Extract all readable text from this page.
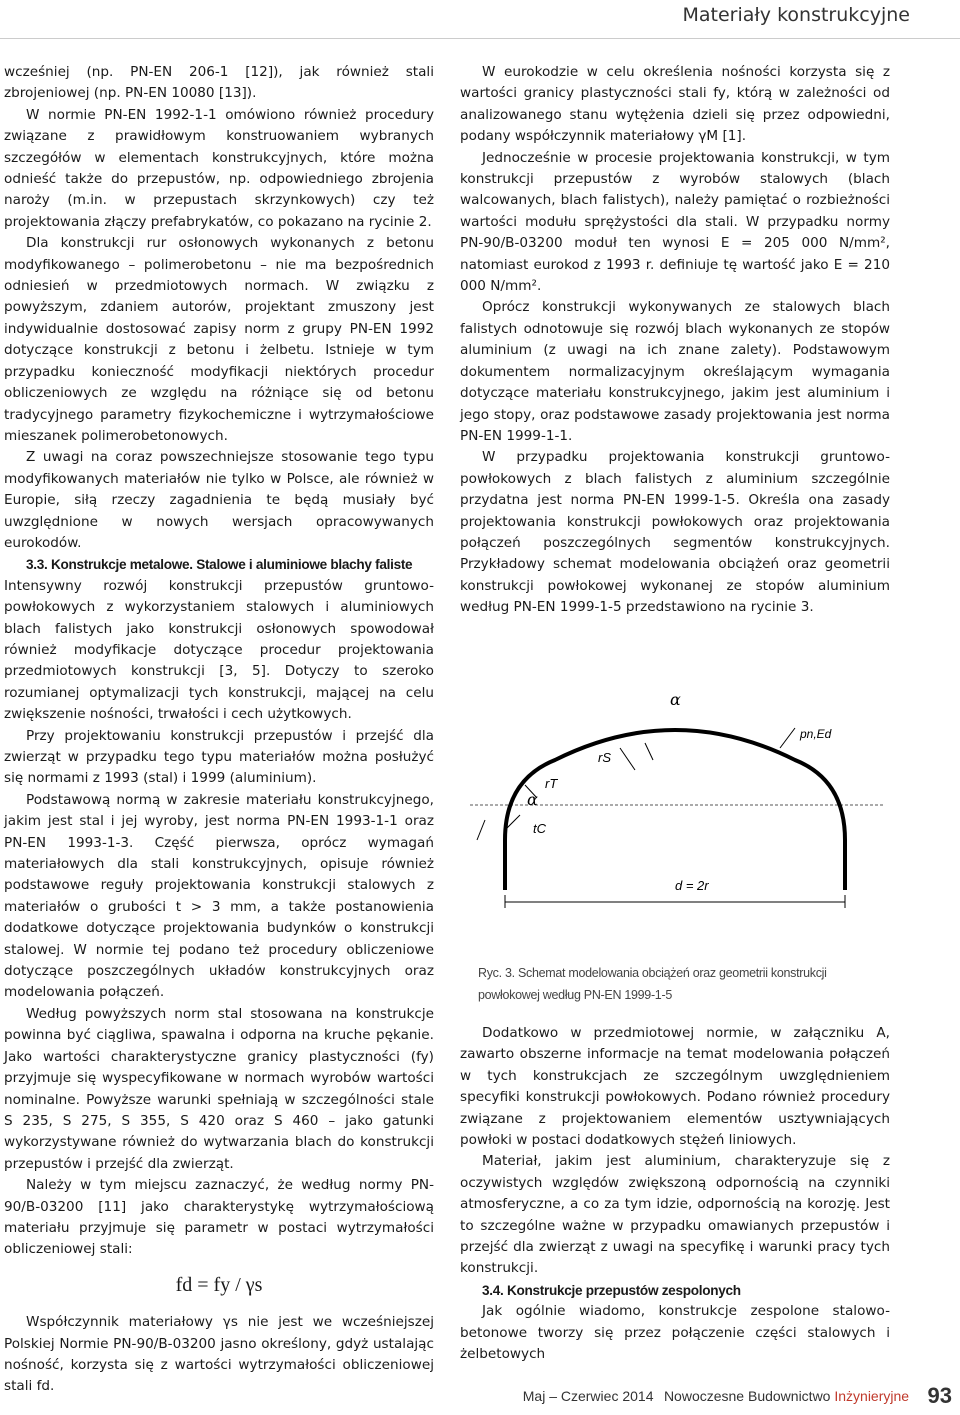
Materiały konstrukcyjne

wcześniej (np. PN-EN 206-1 [12]), jak również stali zbrojeniowej (np. PN-EN 10080 [13]).

W normie PN-EN 1992-1-1 omówiono również procedury związane z prawidłowym konstruowaniem wybranych szczegółów w elementach konstrukcyjnych, które można odnieść także do przepustów, np. odpowiedniego zbrojenia naroży (m.in. w przepustach skrzynkowych) czy też projektowania złączy prefabrykatów, co pokazano na rycinie 2.

Dla konstrukcji rur osłonowych wykonanych z betonu modyfikowanego – polimerobetonu – nie ma bezpośrednich odniesień w przedmiotowych normach. W związku z powyższym, zdaniem autorów, projektant zmuszony jest indywidualnie dostosować zapisy norm z grupy PN-EN 1992 dotyczące konstrukcji z betonu i żelbetu. Istnieje w tym przypadku konieczność modyfikacji niektórych procedur obliczeniowych ze względu na różniące się od betonu tradycyjnego parametry fizykochemiczne i wytrzymałościowe mieszanek polimerobetonowych.

Z uwagi na coraz powszechniejsze stosowanie tego typu modyfikowanych materiałów nie tylko w Polsce, ale również w Europie, siłą rzeczy zagadnienia te będą musiały być uwzględnione w nowych wersjach opracowywanych eurokodów.

3.3. Konstrukcje metalowe. Stalowe i aluminiowe blachy faliste

Intensywny rozwój konstrukcji przepustów gruntowo-powłokowych z wykorzystaniem stalowych i aluminiowych blach falistych jako konstrukcji osłonowych spowodował również modyfikacje dotyczące procedur projektowania przedmiotowych konstrukcji [3, 5]. Dotyczy to szeroko rozumianej optymalizacji tych konstrukcji, mającej na celu zwiększenie nośności, trwałości i cech użytkowych.

Przy projektowaniu konstrukcji przepustów i przejść dla zwierząt w przypadku tego typu materiałów można posłużyć się normami z 1993 (stal) i 1999 (aluminium).

Podstawową normą w zakresie materiału konstrukcyjnego, jakim jest stal i jej wyroby, jest norma PN-EN 1993-1-1 oraz PN-EN 1993-1-3. Część pierwsza, oprócz wymagań materiałowych dla stali konstrukcyjnych, opisuje również podstawowe reguły projektowania konstrukcji stalowych z materiałów o grubości t > 3 mm, a także postanowienia dodatkowe dotyczące projektowania budynków o konstrukcji stalowej. W normie tej podano też procedury obliczeniowe dotyczące poszczególnych układów konstrukcyjnych oraz modelowania połączeń.

Według powyższych norm stal stosowana na konstrukcje powinna być ciągliwa, spawalna i odporna na kruche pękanie. Jako wartości charakterystyczne granicy plastyczności (fy) przyjmuje się wyspecyfikowane w normach wyrobów wartości nominalne. Powyższe warunki spełniają w szczególności stale S 235, S 275, S 355, S 420 oraz S 460 – jako gatunki wykorzystywane również do wytwarzania blach do konstrukcji przepustów i przejść dla zwierząt.

Należy w tym miejscu zaznaczyć, że według normy PN-90/B-03200 [11] jako charakterystykę wytrzymałościową materiału przyjmuje się parametr w postaci wytrzymałości obliczeniowej stali:

fd = fy / γs

Współczynnik materiałowy γs nie jest we wcześniejszej Polskiej Normie PN-90/B-03200 jasno określony, gdyż ustalając nośność, korzysta się z wartości wytrzymałości obliczeniowej stali fd.

W eurokodzie w celu określenia nośności korzysta się z wartości granicy plastyczności stali fy, którą w zależności od analizowanego stanu wytężenia dzieli się przez odpowiedni, podany współczynnik materiałowy γM [1].

Jednocześnie w procesie projektowania konstrukcji, w tym konstrukcji przepustów z wyrobów stalowych (blach walcowanych, blach falistych), należy pamiętać o rozbieżności wartości modułu sprężystości dla stali. W przypadku normy PN-90/B-03200 moduł ten wynosi E = 205 000 N/mm², natomiast eurokod z 1993 r. definiuje tę wartość jako E = 210 000 N/mm².

Oprócz konstrukcji wykonywanych ze stalowych blach falistych odnotowuje się rozwój blach wykonanych ze stopów aluminium (z uwagi na ich znane zalety). Podstawowym dokumentem normalizacyjnym określającym wymagania dotyczące materiału konstrukcyjnego, jakim jest aluminium i jego stopy, oraz podstawowe zasady projektowania jest norma PN-EN 1999-1-1.

W przypadku projektowania konstrukcji gruntowo-powłokowych z blach falistych z aluminium szczególnie przydatna jest norma PN-EN 1999-1-5. Określa ona zasady projektowania konstrukcji powłokowych oraz projektowania połączeń poszczególnych segmentów konstrukcyjnych. Przykładowy schemat modelowania obciążeń oraz geometrii konstrukcji powłokowej wykonanej ze stopów aluminium według PN-EN 1999-1-5 przedstawiono na rycinie 3.

α
pn,Ed
rS
rT
α
tC
d = 2r
Ryc. 3. Schemat modelowania obciążeń oraz geometrii konstrukcji powłokowej według PN-EN 1999-1-5

Dodatkowo w przedmiotowej normie, w załączniku A, zawarto obszerne informacje na temat modelowania połączeń w tych konstrukcjach ze szczególnym uwzględnieniem specyfiki konstrukcji powłokowych. Podano również procedury związane z projektowaniem elementów usztywniających powłoki w postaci dodatkowych stężeń liniowych.

Materiał, jakim jest aluminium, charakteryzuje się z oczywistych względów zwiększoną odpornością na czynniki atmosferyczne, a co za tym idzie, odpornością na korozję. Jest to szczególne ważne w przypadku omawianych przepustów i przejść dla zwierząt z uwagi na specyfikę i warunki pracy tych konstrukcji.

3.4. Konstrukcje przepustów zespolonych

Jak ogólnie wiadomo, konstrukcje zespolone stalowo-betonowe tworzy się przez połączenie części stalowych i żelbetowych

Maj – Czerwiec 2014 Nowoczesne Budownictwo Inżynieryjne 93
